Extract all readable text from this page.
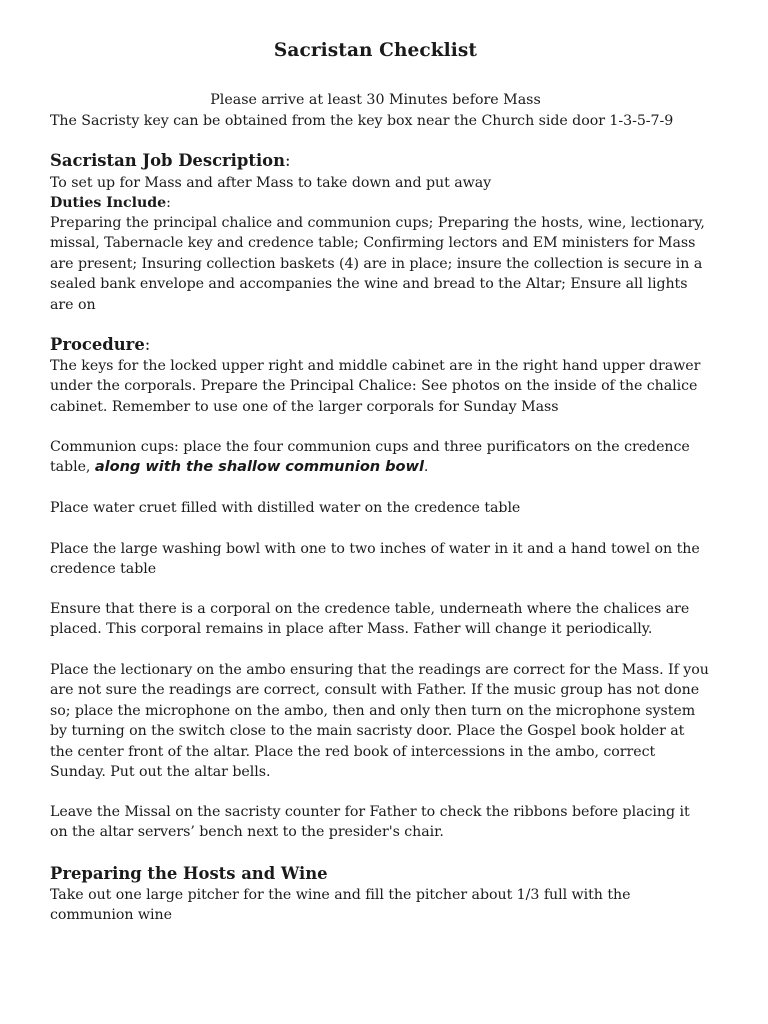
Sacristan Checklist
Please arrive at least 30 Minutes before Mass
The Sacristy key can be obtained from the key box near the Church side door 1-3-5-7-9
Sacristan Job Description:
To set up for Mass and after Mass to take down and put away
Duties Include:
Preparing the principal chalice and communion cups; Preparing the hosts, wine, lectionary, missal, Tabernacle key and credence table; Confirming lectors and EM ministers for Mass are present; Insuring collection baskets (4) are in place; insure the collection is secure in a sealed bank envelope and accompanies the wine and bread to the Altar; Ensure all lights are on
Procedure:
The keys for the locked upper right and middle cabinet are in the right hand upper drawer under the corporals. Prepare the Principal Chalice: See photos on the inside of the chalice cabinet. Remember to use one of the larger corporals for Sunday Mass
Communion cups: place the four communion cups and three purificators on the credence table, along with the shallow communion bowl.
Place water cruet filled with distilled water on the credence table
Place the large washing bowl with one to two inches of water in it and a hand towel on the credence table
Ensure that there is a corporal on the credence table, underneath where the chalices are placed. This corporal remains in place after Mass. Father will change it periodically.
Place the lectionary on the ambo ensuring that the readings are correct for the Mass. If you are not sure the readings are correct, consult with Father. If the music group has not done so; place the microphone on the ambo, then and only then turn on the microphone system by turning on the switch close to the main sacristy door. Place the Gospel book holder at the center front of the altar. Place the red book of intercessions in the ambo, correct Sunday. Put out the altar bells.
Leave the Missal on the sacristy counter for Father to check the ribbons before placing it on the altar servers’ bench next to the presider's chair.
Preparing the Hosts and Wine
Take out one large pitcher for the wine and fill the pitcher about 1/3 full with the communion wine
